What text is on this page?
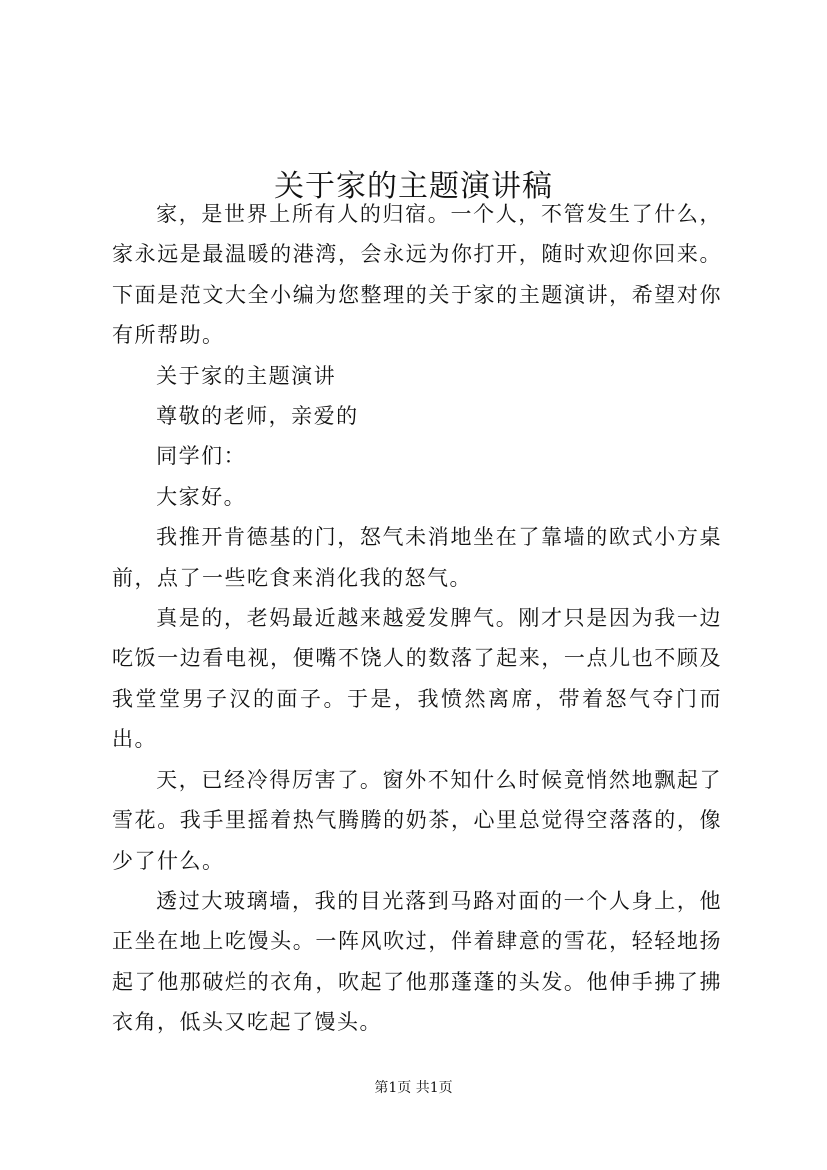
关于家的主题演讲稿

家，是世界上所有人的归宿。一个人，不管发生了什么，家永远是最温暖的港湾，会永远为你打开，随时欢迎你回来。下面是范文大全小编为您整理的关于家的主题演讲，希望对你有所帮助。

关于家的主题演讲

尊敬的老师，亲爱的

同学们：

大家好。

我推开肯德基的门，怒气未消地坐在了靠墙的欧式小方桌前，点了一些吃食来消化我的怒气。

真是的，老妈最近越来越爱发脾气。刚才只是因为我一边吃饭一边看电视，便嘴不饶人的数落了起来，一点儿也不顾及我堂堂男子汉的面子。于是，我愤然离席，带着怒气夺门而出。

天，已经冷得厉害了。窗外不知什么时候竟悄然地飘起了雪花。我手里摇着热气腾腾的奶茶，心里总觉得空落落的，像少了什么。

透过大玻璃墙，我的目光落到马路对面的一个人身上，他正坐在地上吃馒头。一阵风吹过，伴着肆意的雪花，轻轻地扬起了他那破烂的衣角，吹起了他那蓬蓬的头发。他伸手拂了拂衣角，低头又吃起了馒头。

第1页 共1页
